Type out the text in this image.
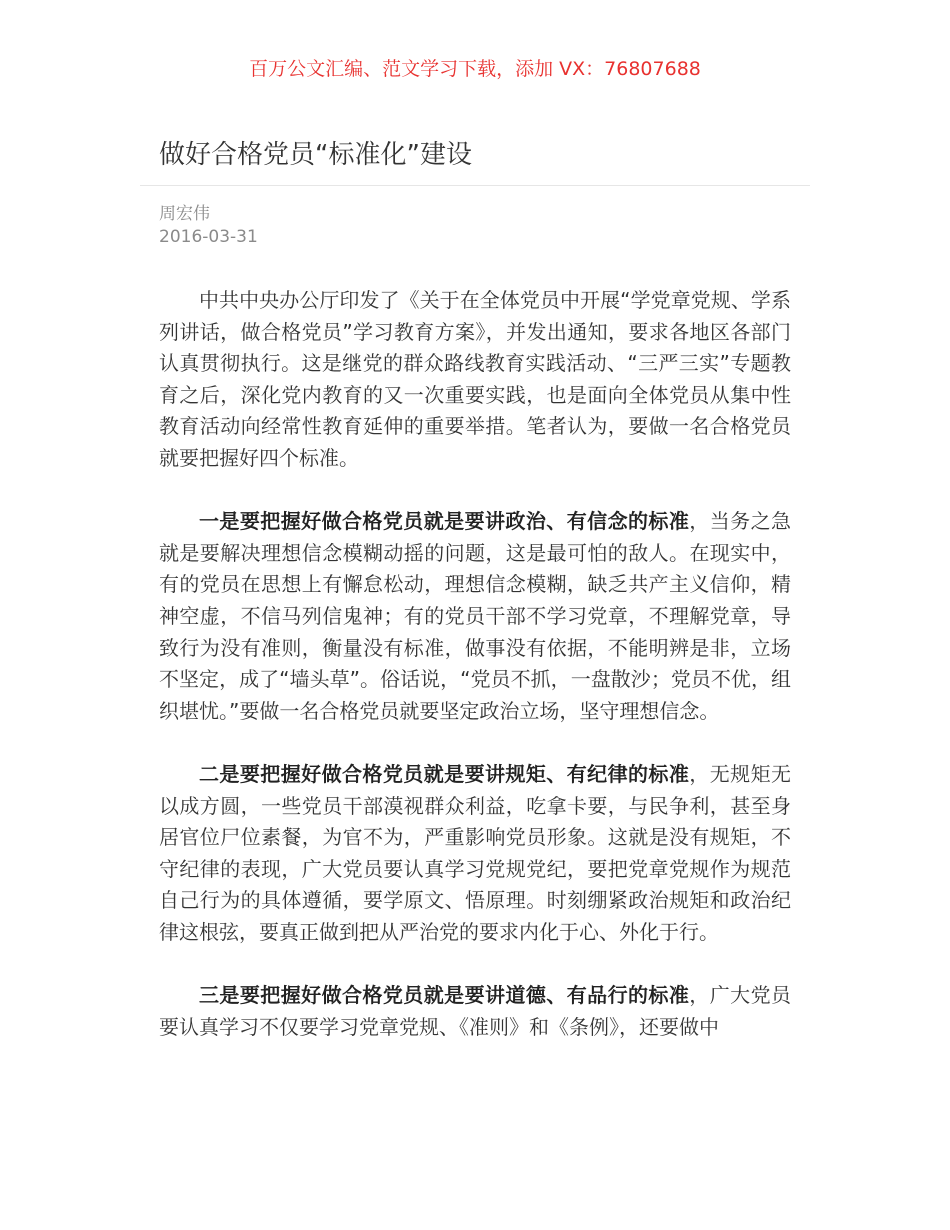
百万公文汇编、范文学习下载，添加 VX：76807688
做好合格党员“标准化”建设
周宏伟
2016-03-31

中共中央办公厅印发了《关于在全体党员中开展“学党章党规、学系列讲话，做合格党员”学习教育方案》，并发出通知，要求各地区各部门认真贯彻执行。这是继党的群众路线教育实践活动、“三严三实”专题教育之后，深化党内教育的又一次重要实践，也是面向全体党员从集中性教育活动向经常性教育延伸的重要举措。笔者认为，要做一名合格党员就要把握好四个标准。

一是要把握好做合格党员就是要讲政治、有信念的标准，当务之急就是要解决理想信念模糊动摇的问题，这是最可怕的敌人。在现实中，有的党员在思想上有懈怠松动，理想信念模糊，缺乏共产主义信仰，精神空虚，不信马列信鬼神；有的党员干部不学习党章，不理解党章，导致行为没有准则，衡量没有标准，做事没有依据，不能明辨是非，立场不坚定，成了“墙头草”。俗话说，“党员不抓，一盘散沙；党员不优，组织堪忧。”要做一名合格党员就要坚定政治立场，坚守理想信念。

二是要把握好做合格党员就是要讲规矩、有纪律的标准，无规矩无以成方圆，一些党员干部漠视群众利益，吃拿卡要，与民争利，甚至身居官位尸位素餐，为官不为，严重影响党员形象。这就是没有规矩，不守纪律的表现，广大党员要认真学习党规党纪，要把党章党规作为规范自己行为的具体遵循，要学原文、悟原理。时刻绷紧政治规矩和政治纪律这根弦，要真正做到把从严治党的要求内化于心、外化于行。

三是要把握好做合格党员就是要讲道德、有品行的标准，广大党员要认真学习不仅要学习党章党规、《准则》和《条例》，还要做中
